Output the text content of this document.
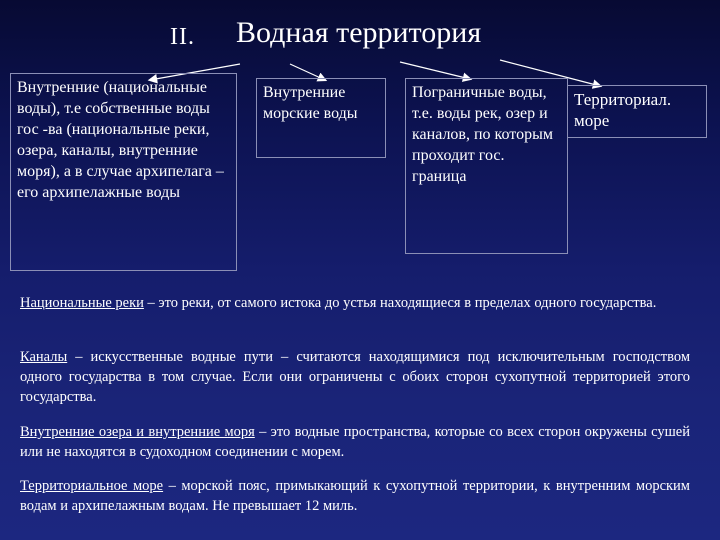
II. Водная территория
Внутренние (национальные воды), т.е собственные воды гос -ва (национальные реки, озера, каналы, внутренние моря), а в случае архипелага – его архипелажные воды
Внутренние морские воды
Пограничные воды, т.е. воды рек, озер и каналов, по которым проходит гос. граница
Территориал. море
Национальные реки – это реки, от самого истока до устья находящиеся в пределах одного государства.
Каналы – искусственные водные пути – считаются находящимися под исключительным господством одного государства в том случае. Если они ограничены с обоих сторон сухопутной территорией этого государства.
Внутренние озера и внутренние моря – это водные пространства, которые со всех сторон окружены сушей или не находятся в судоходном соединении с морем.
Территориальное море – морской пояс, примыкающий к сухопутной территории, к внутренним морским водам и архипелажным водам. Не превышает 12 миль.
